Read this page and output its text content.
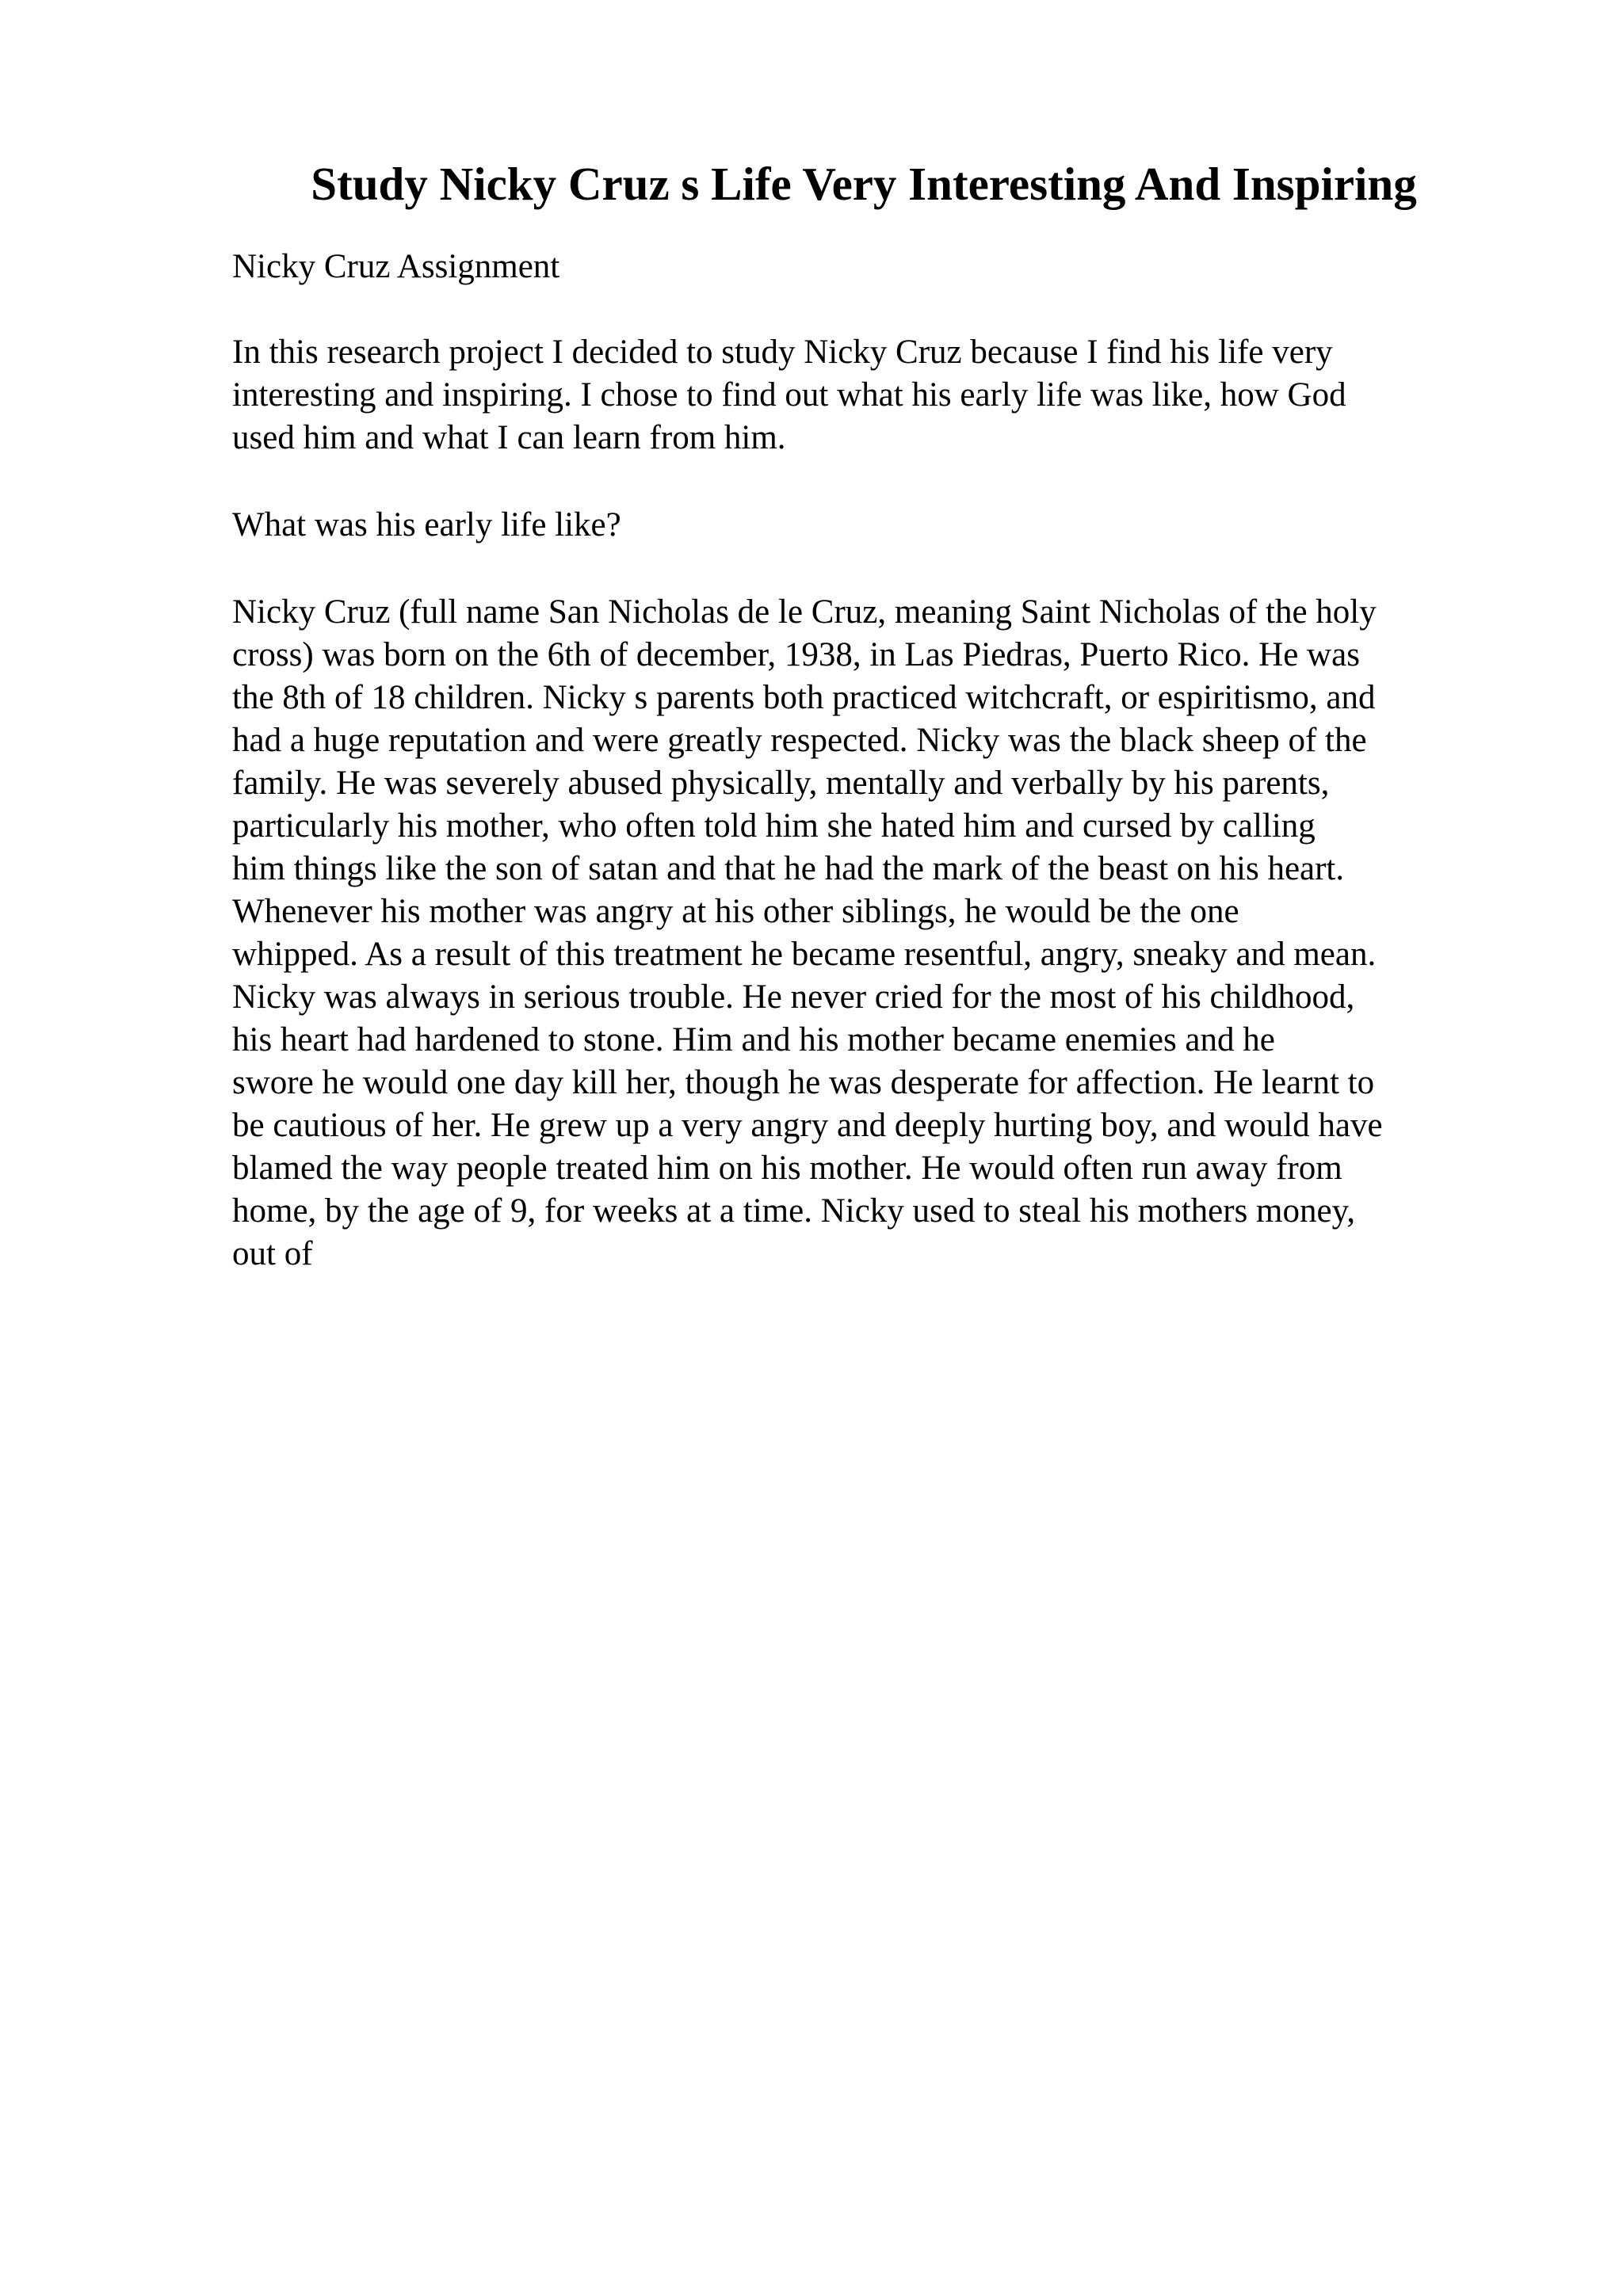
Study Nicky Cruz s Life Very Interesting And Inspiring

Nicky Cruz Assignment

In this research project I decided to study Nicky Cruz because I find his life very
interesting and inspiring. I chose to find out what his early life was like, how God
used him and what I can learn from him.

What was his early life like?

Nicky Cruz (full name San Nicholas de le Cruz, meaning Saint Nicholas of the holy
cross) was born on the 6th of december, 1938, in Las Piedras, Puerto Rico. He was
the 8th of 18 children. Nicky s parents both practiced witchcraft, or espiritismo, and
had a huge reputation and were greatly respected. Nicky was the black sheep of the
family. He was severely abused physically, mentally and verbally by his parents,
particularly his mother, who often told him she hated him and cursed by calling
him things like the son of satan and that he had the mark of the beast on his heart.
Whenever his mother was angry at his other siblings, he would be the one
whipped. As a result of this treatment he became resentful, angry, sneaky and mean.
Nicky was always in serious trouble. He never cried for the most of his childhood,
his heart had hardened to stone. Him and his mother became enemies and he
swore he would one day kill her, though he was desperate for affection. He learnt to
be cautious of her. He grew up a very angry and deeply hurting boy, and would have
blamed the way people treated him on his mother. He would often run away from
home, by the age of 9, for weeks at a time. Nicky used to steal his mothers money,
out of
